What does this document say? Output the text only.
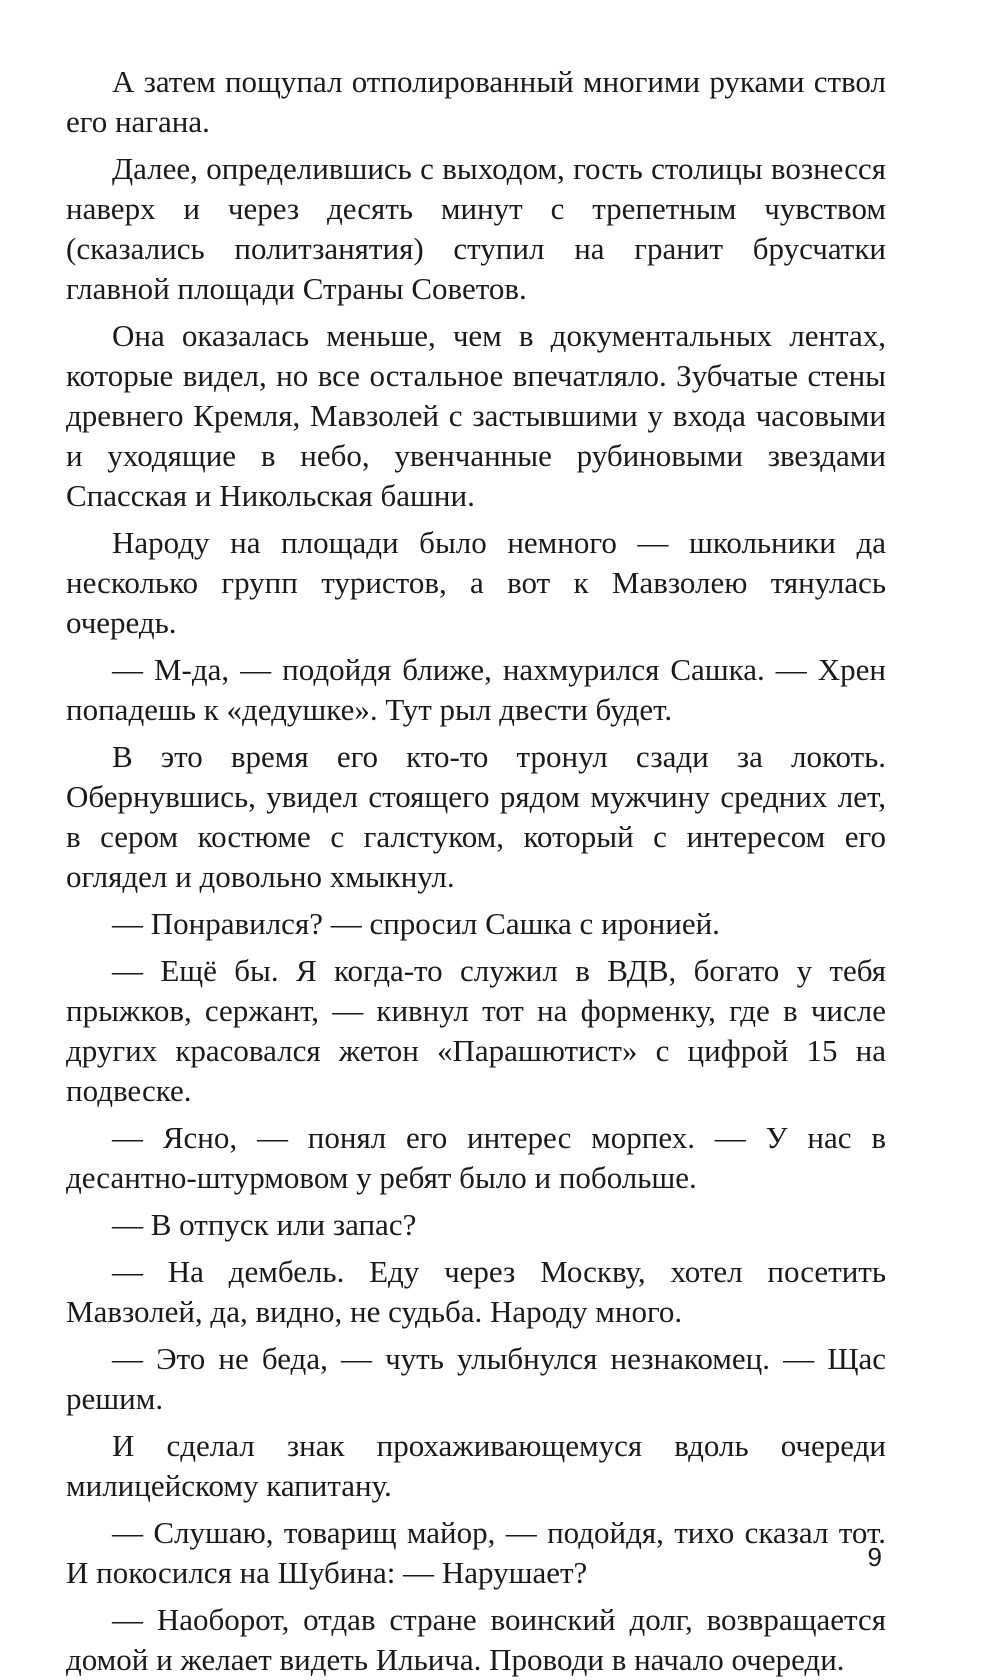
А затем пощупал отполированный многими руками ствол его нагана.

Далее, определившись с выходом, гость столицы вознесся наверх и через десять минут с трепетным чувством (сказались политзанятия) ступил на гранит брусчатки главной площади Страны Советов.

Она оказалась меньше, чем в документальных лентах, которые видел, но все остальное впечатляло. Зубчатые стены древнего Кремля, Мавзолей с застывшими у входа часовыми и уходящие в небо, увенчанные рубиновыми звездами Спасская и Никольская башни.

Народу на площади было немного — школьники да несколько групп туристов, а вот к Мавзолею тянулась очередь.

— М-да, — подойдя ближе, нахмурился Сашка. — Хрен попадешь к «дедушке». Тут рыл двести будет.

В это время его кто-то тронул сзади за локоть. Обернувшись, увидел стоящего рядом мужчину средних лет, в сером костюме с галстуком, который с интересом его оглядел и довольно хмыкнул.

— Понравился? — спросил Сашка с иронией.

— Ещё бы. Я когда-то служил в ВДВ, богато у тебя прыжков, сержант, — кивнул тот на форменку, где в числе других красовался жетон «Парашютист» с цифрой 15 на подвеске.

— Ясно, — понял его интерес морпех. — У нас в десантно-штурмовом у ребят было и побольше.

— В отпуск или запас?

— На дембель. Еду через Москву, хотел посетить Мавзолей, да, видно, не судьба. Народу много.

— Это не беда, — чуть улыбнулся незнакомец. — Щас решим.

И сделал знак прохаживающемуся вдоль очереди милицейскому капитану.

— Слушаю, товарищ майор, — подойдя, тихо сказал тот. И покосился на Шубина: — Нарушает?

— Наоборот, отдав стране воинский долг, возвращается домой и желает видеть Ильича. Проводи в начало очереди.

9
